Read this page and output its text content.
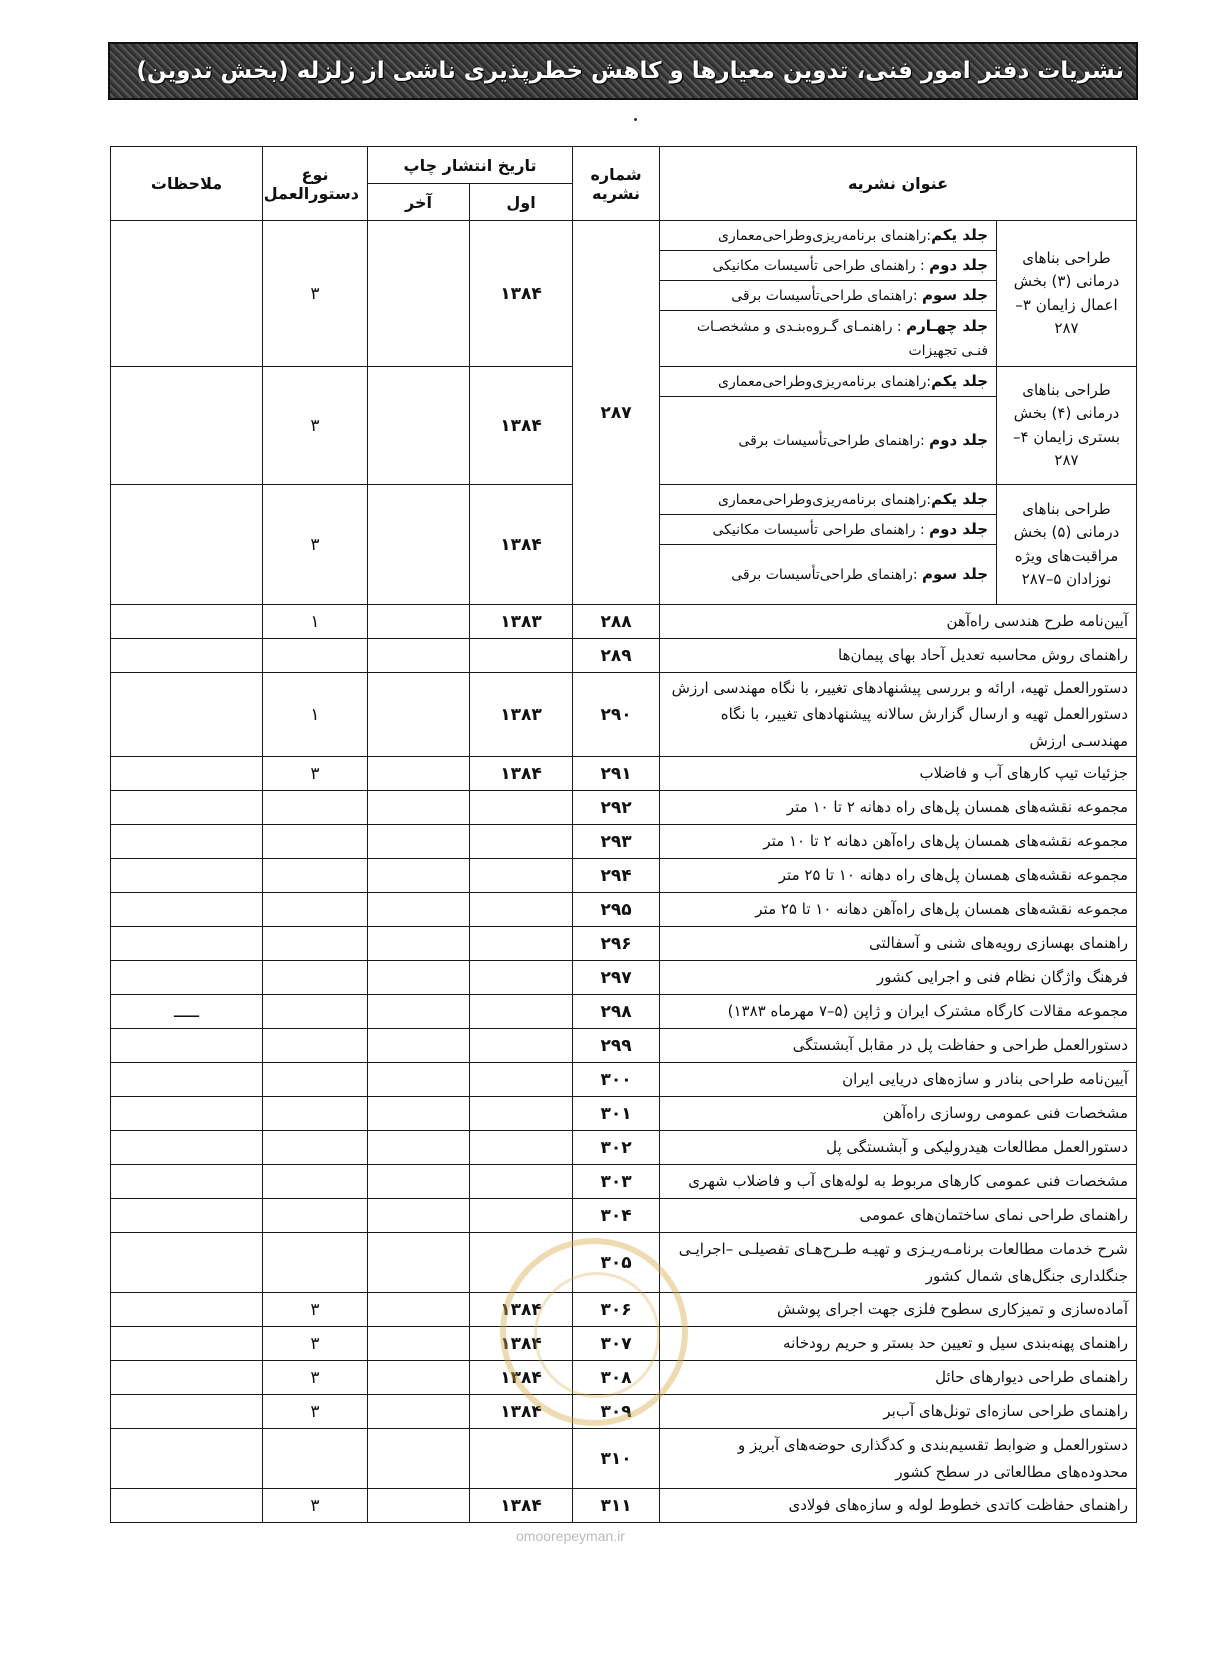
نشریات دفتر امور فنی، تدوین معیارها و کاهش خطرپذیری ناشی از زلزله (بخش تدوین)
عنوان نشریه		شماره نشریه	تاریخ انتشار چاپ		نوع دستورالعمل	ملاحظات
			اول	آخر		
طراحی بناهای درمانی (۳) بخش اعمال زایمان ۳–۲۸۷	جلد یکم:راهنمای برنامه‌ریزی‌وطراحی‌معماری	۲۸۷	۱۳۸۴		۳	
	جلد دوم : راهنمای طراحی تأسیسات مکانیکی					
	جلد سوم :راهنمای طراحی‌تأسیسات برقی					
	جلد چهـارم : راهنمـای گـروه‌بنـدی و مشخصـات فنـی تجهیزات					
طراحی بناهای درمانی (۴) بخش بستری زایمان ۴–۲۸۷	جلد یکم:راهنمای برنامه‌ریزی‌وطراحی‌معماری		۱۳۸۴		۳	
	جلد دوم :راهنمای طراحی‌تأسیسات برقی					
طراحی بناهای درمانی (۵) بخش مراقبت‌های ویژه نوزادان ۵–۲۸۷	جلد یکم:راهنمای برنامه‌ریزی‌وطراحی‌معماری		۱۳۸۴		۳	
	جلد دوم : راهنمای طراحی تأسیسات مکانیکی					
	جلد سوم :راهنمای طراحی‌تأسیسات برقی					
آیین‌نامه طرح هندسی راه‌آهن		۲۸۸	۱۳۸۳		۱	
راهنمای روش محاسبه تعدیل آحاد بهای پیمان‌ها		۲۸۹				
دستورالعمل تهیه، ارائه و بررسی پیشنهادهای تغییر، با نگاه مهندسی ارزش دستورالعمل تهیه و ارسال گزارش سالانه پیشنهادهای تغییر، با نگاه مهندسـی ارزش		۲۹۰	۱۳۸۳		۱	
جزئیات تیپ کارهای آب و فاضلاب		۲۹۱	۱۳۸۴		۳	
مجموعه نقشه‌های همسان پل‌های راه دهانه ۲ تا ۱۰ متر		۲۹۲				
مجموعه نقشه‌های همسان پل‌های راه‌آهن دهانه ۲ تا ۱۰ متر		۲۹۳				
مجموعه نقشه‌های همسان پل‌های راه دهانه ۱۰ تا ۲۵ متر		۲۹۴				
مجموعه نقشه‌های همسان پل‌های راه‌آهن دهانه ۱۰ تا ۲۵ متر		۲۹۵				
راهنمای بهسازی رویه‌های شنی و آسفالتی		۲۹۶				
فرهنگ واژگان نظام فنی و اجرایی کشور		۲۹۷				
مجموعه مقالات کارگاه مشترک ایران و ژاپن (۵–۷ مهرماه ۱۳۸۳)		۲۹۸				ـــــ
دستورالعمل طراحی و حفاظت پل در مقابل آبشستگی		۲۹۹				
آیین‌نامه طراحی بنادر و سازه‌های دریایی ایران		۳۰۰				
مشخصات فنی عمومی روسازی راه‌آهن		۳۰۱				
دستورالعمل مطالعات هیدرولیکی و آبشستگی پل		۳۰۲				
مشخصات فنی عمومی کارهای مربوط به لوله‌های آب و فاضلاب شهری		۳۰۳				
راهنمای طراحی نمای ساختمان‌های عمومی		۳۰۴				
شرح خدمات مطالعات برنامـه‌ریـزی و تهیـه طـرح‌هـای تفصیلـی –اجرایـی جنگلداری جنگل‌های شمال کشور		۳۰۵				
آماده‌سازی و تمیزکاری سطوح فلزی جهت اجرای پوشش		۳۰۶	۱۳۸۴		۳	
راهنمای پهنه‌بندی سیل و تعیین حد بستر و حریم رودخانه		۳۰۷	۱۳۸۴		۳	
راهنمای طراحی دیوارهای حائل		۳۰۸	۱۳۸۴		۳	
راهنمای طراحی سازه‌ای تونل‌های آب‌بر		۳۰۹	۱۳۸۴		۳	
دستورالعمل و ضوابط تقسیم‌بندی و کدگذاری حوضه‌های آبریز و محدوده‌های مطالعاتی در سطح کشور		۳۱۰				
راهنمای حفاظت کاتدی خطوط لوله و سازه‌های فولادی		۳۱۱	۱۳۸۴		۳	
omoorepeyman.ir
